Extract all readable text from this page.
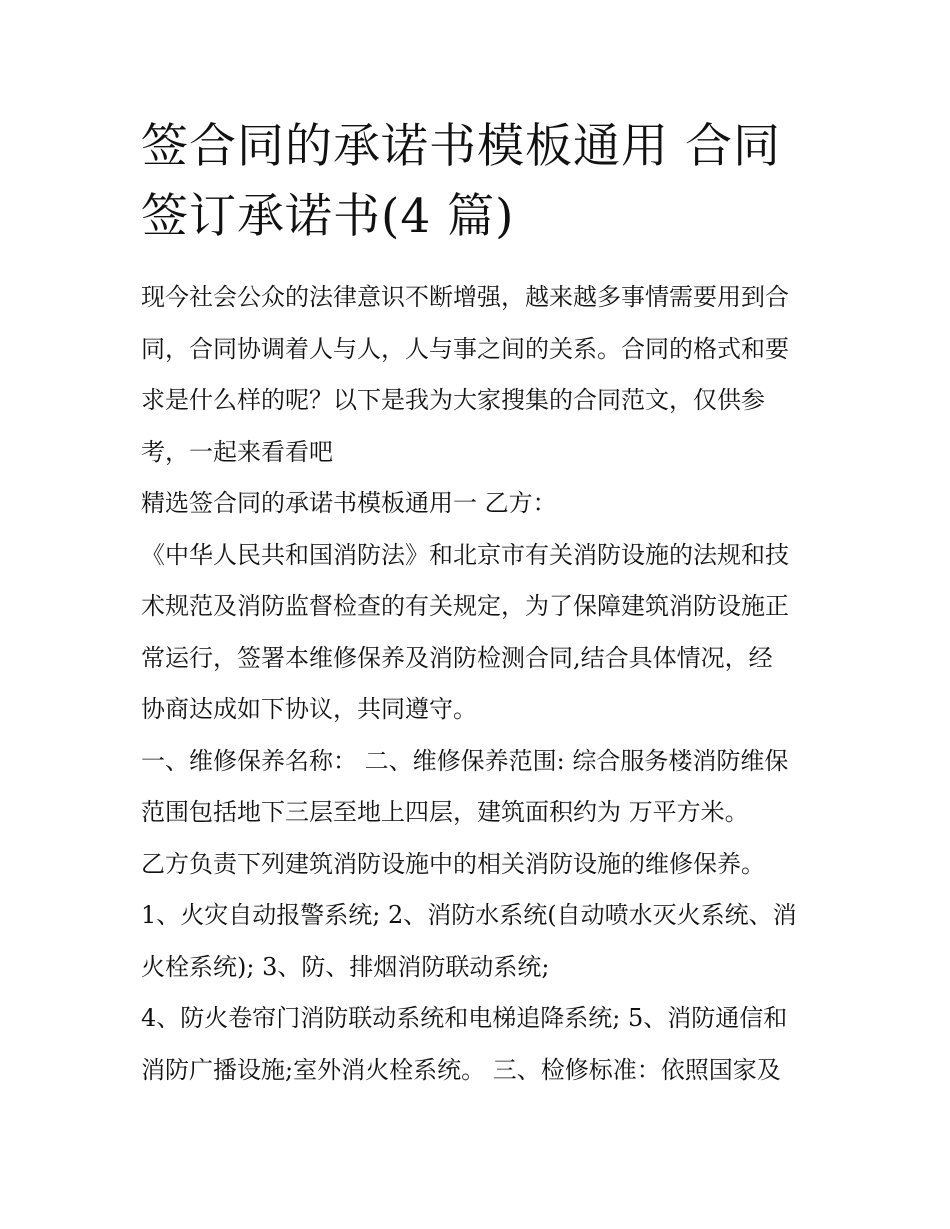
签合同的承诺书模板通用 合同
签订承诺书(4 篇)
现今社会公众的法律意识不断增强，越来越多事情需要用到合
同，合同协调着人与人，人与事之间的关系。合同的格式和要
求是什么样的呢？以下是我为大家搜集的合同范文，仅供参
考，一起来看看吧
精选签合同的承诺书模板通用一 乙方：
《中华人民共和国消防法》和北京市有关消防设施的法规和技
术规范及消防监督检查的有关规定，为了保障建筑消防设施正
常运行，签署本维修保养及消防检测合同,结合具体情况，经
协商达成如下协议，共同遵守。
一、维修保养名称： 二、维修保养范围: 综合服务楼消防维保
范围包括地下三层至地上四层，建筑面积约为 万平方米。
乙方负责下列建筑消防设施中的相关消防设施的维修保养。
1、火灾自动报警系统; 2、消防水系统(自动喷水灭火系统、消
火栓系统); 3、防、排烟消防联动系统;
4、防火卷帘门消防联动系统和电梯追降系统; 5、消防通信和
消防广播设施;室外消火栓系统。 三、检修标准：依照国家及
